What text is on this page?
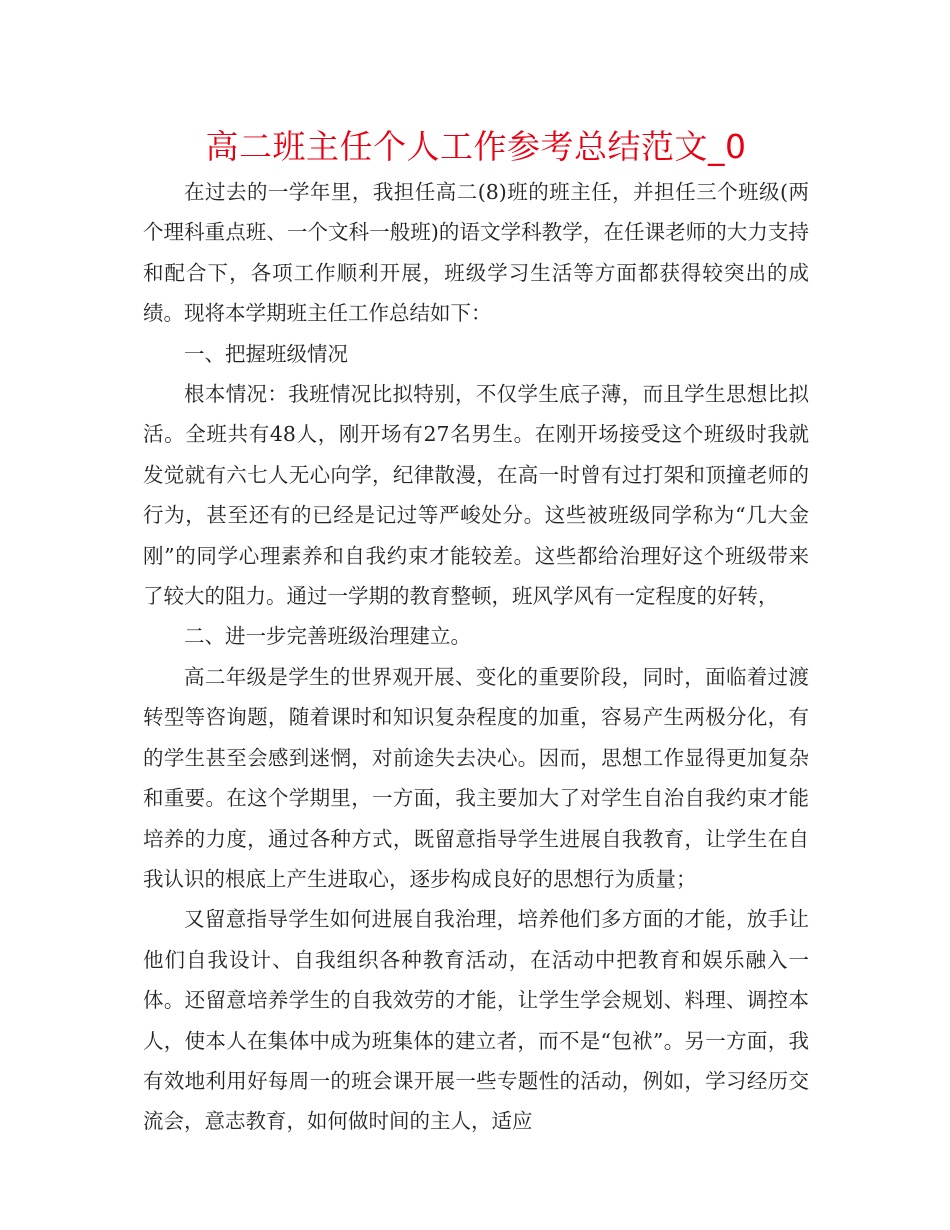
高二班主任个人工作参考总结范文_0

在过去的一学年里，我担任高二(8)班的班主任，并担任三个班级(两个理科重点班、一个文科一般班)的语文学科教学，在任课老师的大力支持和配合下，各项工作顺利开展，班级学习生活等方面都获得较突出的成绩。现将本学期班主任工作总结如下：

一、把握班级情况

根本情况：我班情况比拟特别，不仅学生底子薄，而且学生思想比拟活。全班共有48人，刚开场有27名男生。在刚开场接受这个班级时我就发觉就有六七人无心向学，纪律散漫，在高一时曾有过打架和顶撞老师的行为，甚至还有的已经是记过等严峻处分。这些被班级同学称为“几大金刚”的同学心理素养和自我约束才能较差。这些都给治理好这个班级带来了较大的阻力。通过一学期的教育整顿，班风学风有一定程度的好转，

二、进一步完善班级治理建立。

高二年级是学生的世界观开展、变化的重要阶段，同时，面临着过渡转型等咨询题，随着课时和知识复杂程度的加重，容易产生两极分化，有的学生甚至会感到迷惘，对前途失去决心。因而，思想工作显得更加复杂和重要。在这个学期里，一方面，我主要加大了对学生自治自我约束才能培养的力度，通过各种方式，既留意指导学生进展自我教育，让学生在自我认识的根底上产生进取心，逐步构成良好的思想行为质量；

又留意指导学生如何进展自我治理，培养他们多方面的才能，放手让他们自我设计、自我组织各种教育活动，在活动中把教育和娱乐融入一体。还留意培养学生的自我效劳的才能，让学生学会规划、料理、调控本人，使本人在集体中成为班集体的建立者，而不是“包袱”。另一方面，我有效地利用好每周一的班会课开展一些专题性的活动，例如，学习经历交流会，意志教育，如何做时间的主人，适应
